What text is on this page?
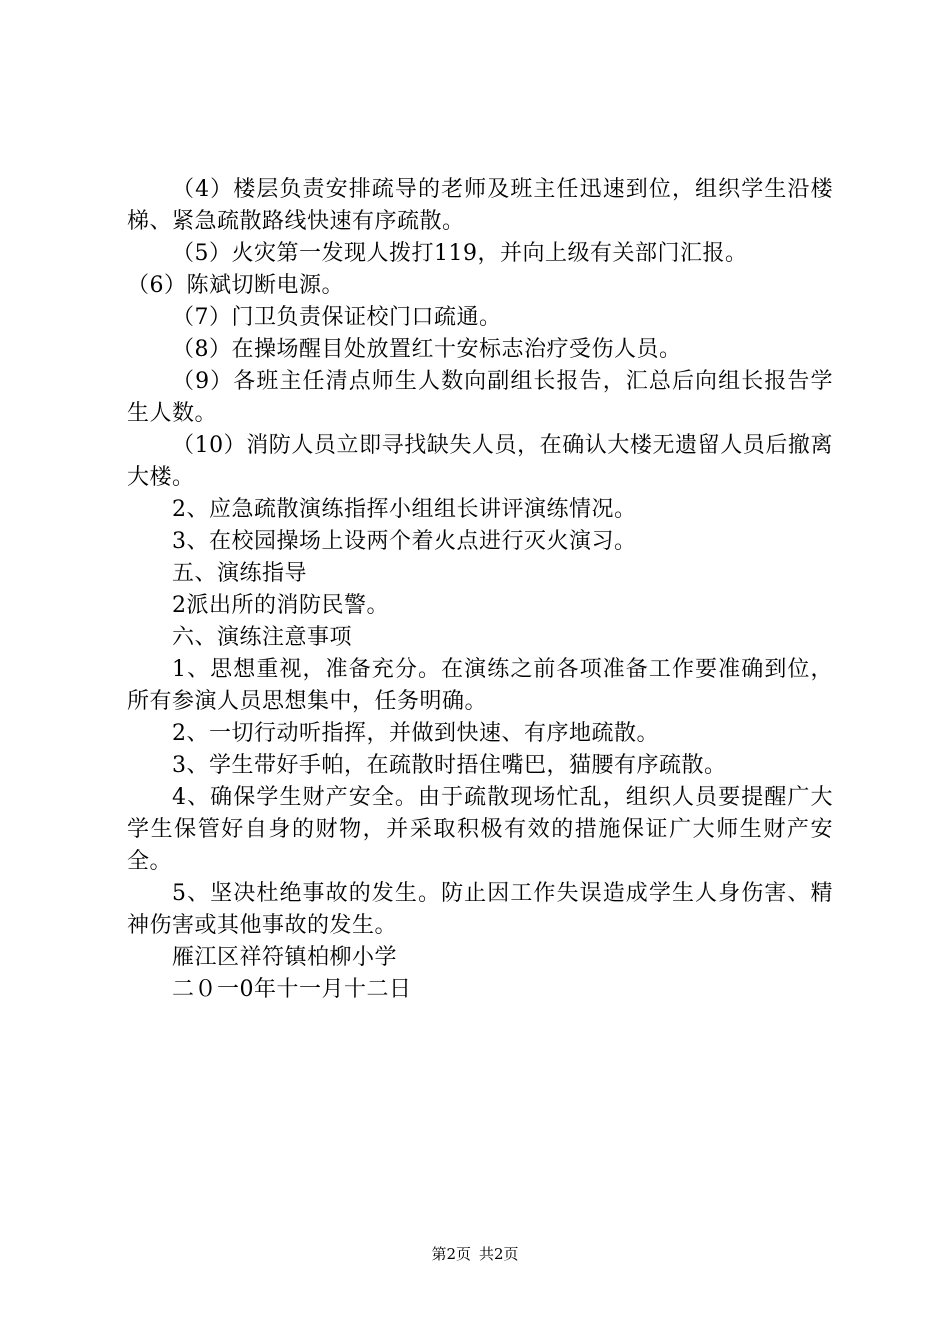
（4）楼层负责安排疏导的老师及班主任迅速到位，组织学生沿楼梯、紧急疏散路线快速有序疏散。

（5）火灾第一发现人拨打119，并向上级有关部门汇报。

（6）陈斌切断电源。

（7）门卫负责保证校门口疏通。

（8）在操场醒目处放置红十安标志治疗受伤人员。

（9）各班主任清点师生人数向副组长报告，汇总后向组长报告学生人数。

（10）消防人员立即寻找缺失人员，在确认大楼无遗留人员后撤离大楼。

2、应急疏散演练指挥小组组长讲评演练情况。

3、在校园操场上设两个着火点进行灭火演习。

五、演练指导

2派出所的消防民警。

六、演练注意事项

1、思想重视，准备充分。在演练之前各项准备工作要准确到位，所有参演人员思想集中，任务明确。

2、一切行动听指挥，并做到快速、有序地疏散。

3、学生带好手帕，在疏散时捂住嘴巴，猫腰有序疏散。

4、确保学生财产安全。由于疏散现场忙乱，组织人员要提醒广大学生保管好自身的财物，并采取积极有效的措施保证广大师生财产安全。

5、坚决杜绝事故的发生。防止因工作失误造成学生人身伤害、精神伤害或其他事故的发生。

雁江区祥符镇柏柳小学

二０一0年十一月十二日

第2页 共2页
